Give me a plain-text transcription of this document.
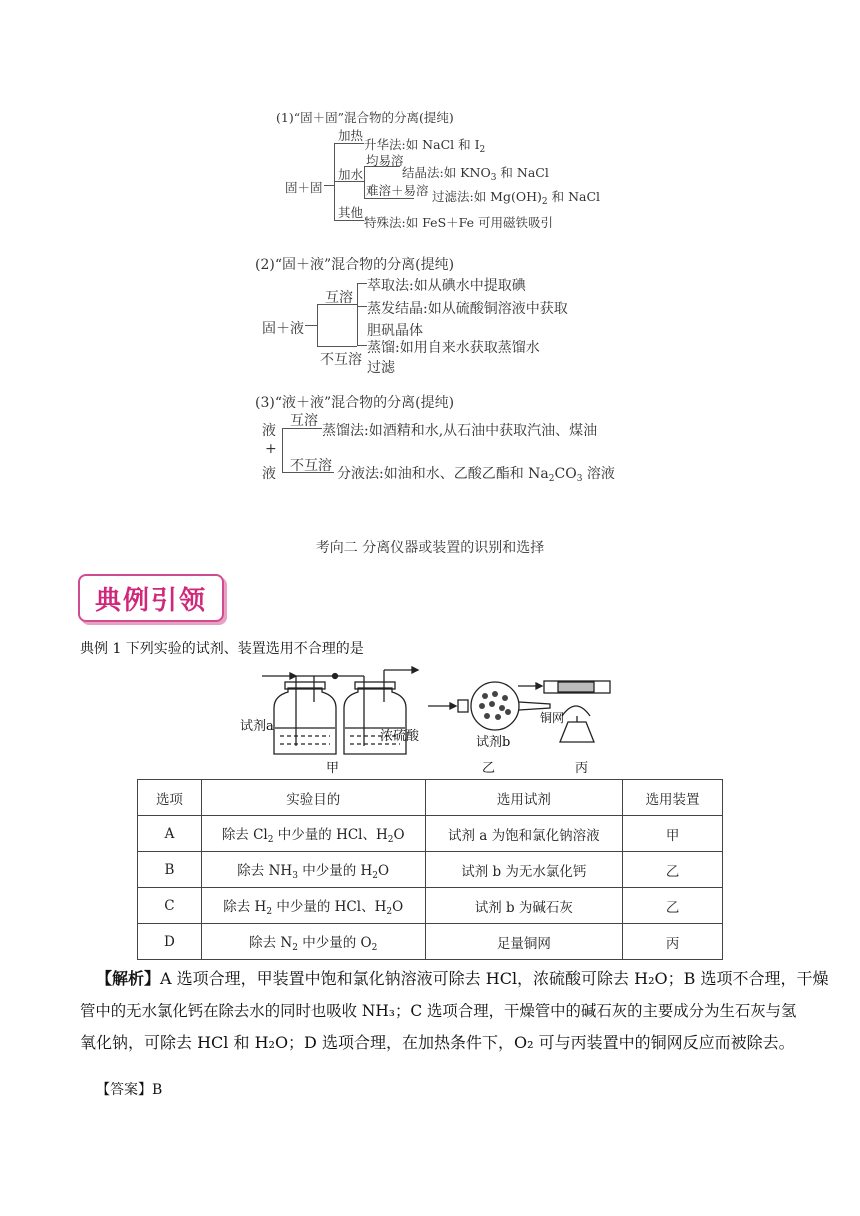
(1)“固＋固”混合物的分离(提纯)
固＋固
加热
加水
其他
升华法:如 NaCl 和 $I_2$
均易溶
结晶法:如 $KNO_3$ 和 NaCl
难溶＋易溶 过滤法:如 $Mg(OH)_2$ 和 NaCl
特殊法:如 FeS＋Fe 可用磁铁吸引
(2)“固＋液”混合物的分离(提纯)
固＋液
互溶
不互溶
萃取法:如从碘水中提取碘
蒸发结晶:如从硫酸铜溶液中获取
胆矾晶体
蒸馏:如用自来水获取蒸馏水
过滤
(3)“液＋液”混合物的分离(提纯)
液
+
液
互溶
不互溶
蒸馏法:如酒精和水,从石油中获取汽油、煤油
分液法:如油和水、乙酸乙酯和 $Na_2CO_3$ 溶液
考向二 分离仪器或装置的识别和选择
典例引领
典例 1 下列实验的试剂、装置选用不合理的是
试剂a
浓硫酸	试剂b
铜网
甲	乙	丙
选项	实验目的	选用试剂	选用装置
A	除去 $Cl_2$ 中少量的 HCl、$H_2O$	试剂 a 为饱和氯化钠溶液	甲
B	除去 $NH_3$ 中少量的 $H_2O$	试剂 b 为无水氯化钙	乙
C	除去 $H_2$ 中少量的 HCl、$H_2O$	试剂 b 为碱石灰	乙
D	除去 $N_2$ 中少量的 $O_2$	足量铜网	丙
【解析】A 选项合理，甲装置中饱和氯化钠溶液可除去 HCl，浓硫酸可除去 H₂O；B 选项不合理，干燥
管中的无水氯化钙在除去水的同时也吸收 NH₃；C 选项合理，干燥管中的碱石灰的主要成分为生石灰与氢
氧化钠，可除去 HCl 和 H₂O；D 选项合理，在加热条件下，O₂ 可与丙装置中的铜网反应而被除去。
【答案】B
